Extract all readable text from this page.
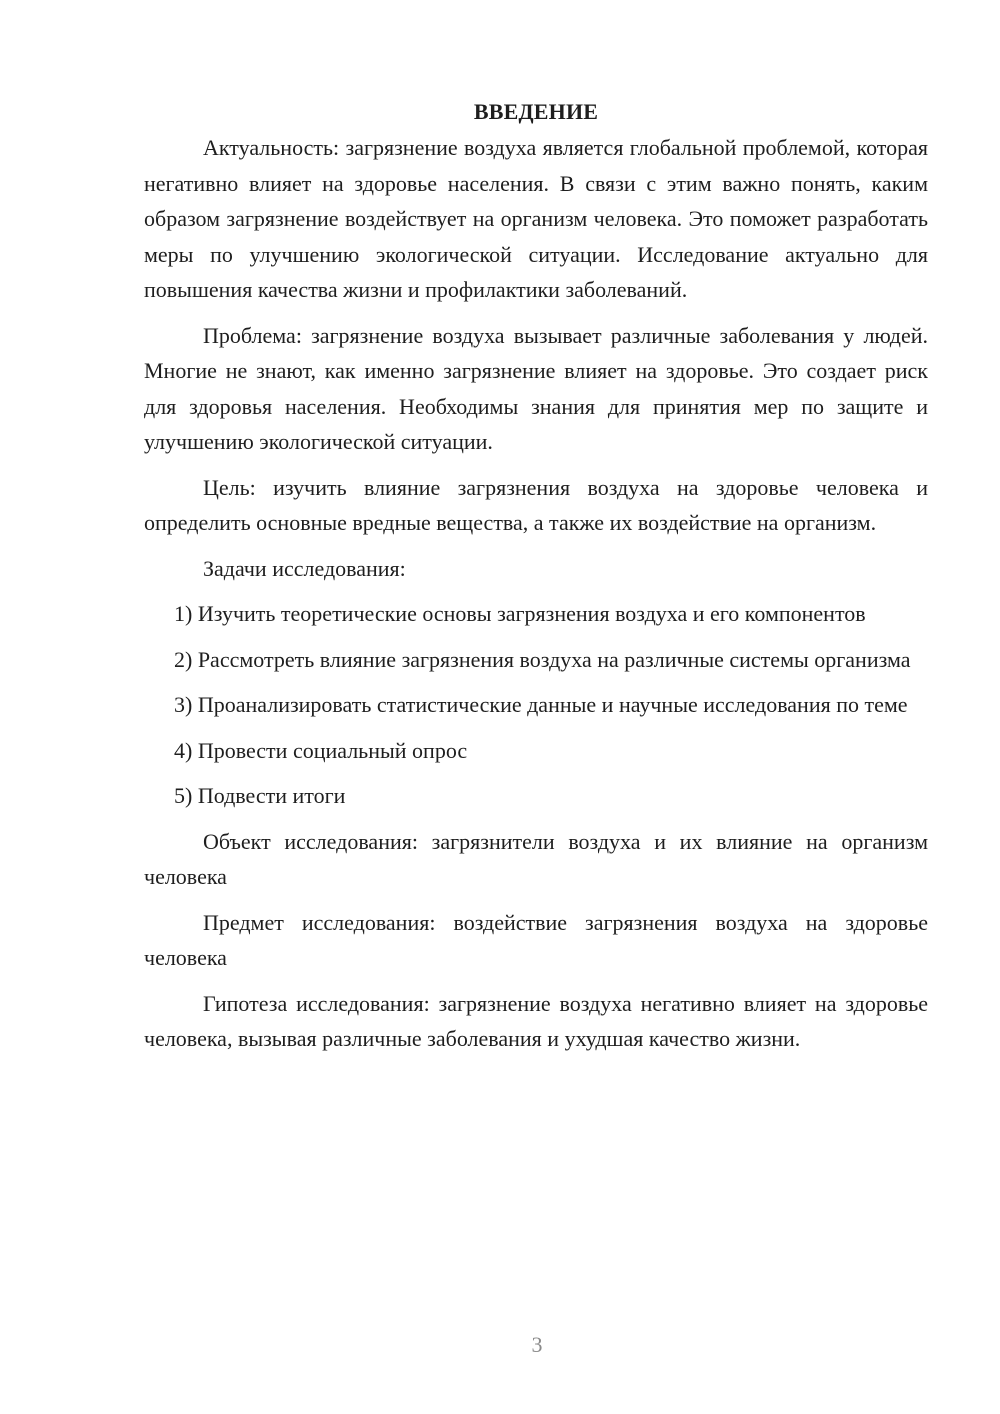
ВВЕДЕНИЕ

Актуальность: загрязнение воздуха является глобальной проблемой, которая негативно влияет на здоровье населения. В связи с этим важно понять, каким образом загрязнение воздействует на организм человека. Это поможет разработать меры по улучшению экологической ситуации. Исследование актуально для повышения качества жизни и профилактики заболеваний.

Проблема: загрязнение воздуха вызывает различные заболевания у людей. Многие не знают, как именно загрязнение влияет на здоровье. Это создает риск для здоровья населения. Необходимы знания для принятия мер по защите и улучшению экологической ситуации.

Цель: изучить влияние загрязнения воздуха на здоровье человека и определить основные вредные вещества, а также их воздействие на организм.

Задачи исследования:

1) Изучить теоретические основы загрязнения воздуха и его компонентов

2) Рассмотреть влияние загрязнения воздуха на различные системы организма

3) Проанализировать статистические данные и научные исследования по теме

4) Провести социальный опрос

5) Подвести итоги

Объект исследования: загрязнители воздуха и их влияние на организм человека

Предмет исследования: воздействие загрязнения воздуха на здоровье человека

Гипотеза исследования: загрязнение воздуха негативно влияет на здоровье человека, вызывая различные заболевания и ухудшая качество жизни.

3
